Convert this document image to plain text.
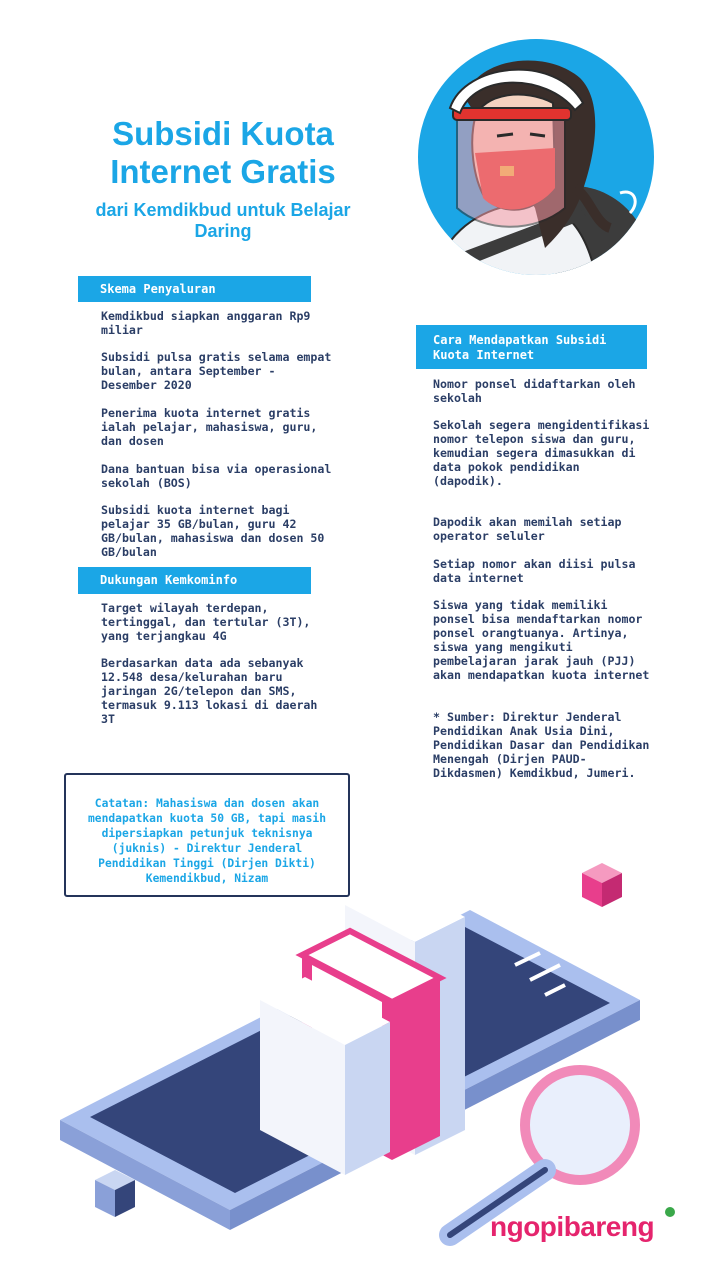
Subsidi Kuota Internet Gratis
dari Kemdikbud untuk Belajar Daring
Skema Penyaluran
Kemdikbud siapkan anggaran Rp9 miliar
Subsidi pulsa gratis selama empat bulan, antara September - Desember 2020
Penerima kuota internet gratis ialah pelajar, mahasiswa, guru, dan dosen
Dana bantuan bisa via operasional sekolah (BOS)
Subsidi kuota internet bagi pelajar 35 GB/bulan, guru 42 GB/bulan, mahasiswa dan dosen 50 GB/bulan
Dukungan Kemkominfo
Target wilayah terdepan, tertinggal, dan tertular (3T), yang terjangkau 4G
Berdasarkan data ada sebanyak 12.548 desa/kelurahan baru jaringan 2G/telepon dan SMS, termasuk 9.113 lokasi di daerah 3T
Cara Mendapatkan Subsidi Kuota Internet
Nomor ponsel didaftarkan oleh sekolah
Sekolah segera mengidentifikasi nomor telepon siswa dan guru, kemudian segera dimasukkan di data pokok pendidikan (dapodik).
Dapodik akan memilah setiap operator seluler
Setiap nomor akan diisi pulsa data internet
Siswa yang tidak memiliki ponsel bisa mendaftarkan nomor ponsel orangtuanya. Artinya, siswa yang mengikuti pembelajaran jarak jauh (PJJ) akan mendapatkan kuota internet
* Sumber: Direktur Jenderal Pendidikan Anak Usia Dini, Pendidikan Dasar dan Pendidikan Menengah (Dirjen PAUD-Dikdasmen) Kemdikbud, Jumeri.
Catatan: Mahasiswa dan dosen akan mendapatkan kuota 50 GB, tapi masih dipersiapkan petunjuk teknisnya (juknis) - Direktur Jenderal Pendidikan Tinggi (Dirjen Dikti) Kemendikbud, Nizam
ngopibareng
